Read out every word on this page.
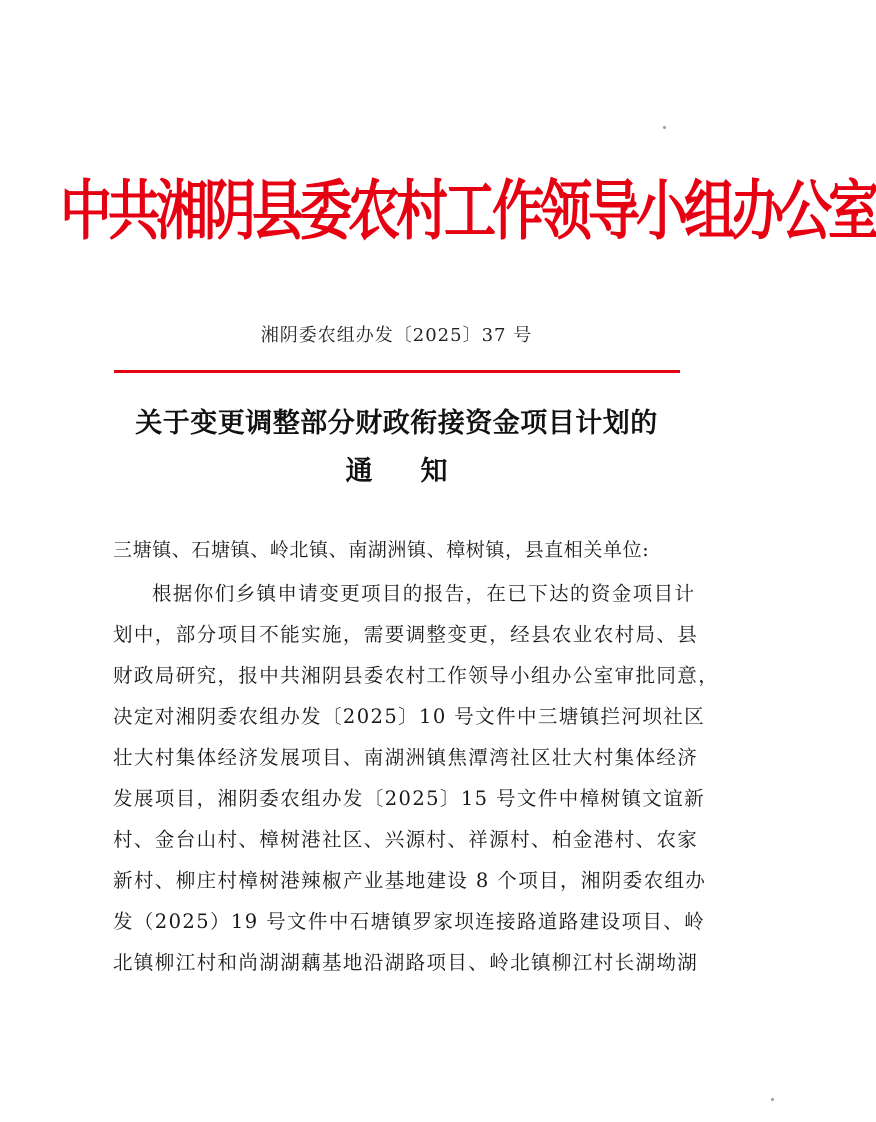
中共湘阴县委农村工作领导小组办公室
湘阴委农组办发〔2025〕37 号
关于变更调整部分财政衔接资金项目计划的
通知
三塘镇、石塘镇、岭北镇、南湖洲镇、樟树镇，县直相关单位:
根据你们乡镇申请变更项目的报告，在已下达的资金项目计
划中，部分项目不能实施，需要调整变更，经县农业农村局、县
财政局研究，报中共湘阴县委农村工作领导小组办公室审批同意，
决定对湘阴委农组办发〔2025〕10 号文件中三塘镇拦河坝社区
壮大村集体经济发展项目、南湖洲镇焦潭湾社区壮大村集体经济
发展项目，湘阴委农组办发〔2025〕15 号文件中樟树镇文谊新
村、金台山村、樟树港社区、兴源村、祥源村、柏金港村、农家
新村、柳庄村樟树港辣椒产业基地建设 8 个项目，湘阴委农组办
发（2025）19 号文件中石塘镇罗家坝连接路道路建设项目、岭
北镇柳江村和尚湖湖藕基地沿湖路项目、岭北镇柳江村长湖坳湖
